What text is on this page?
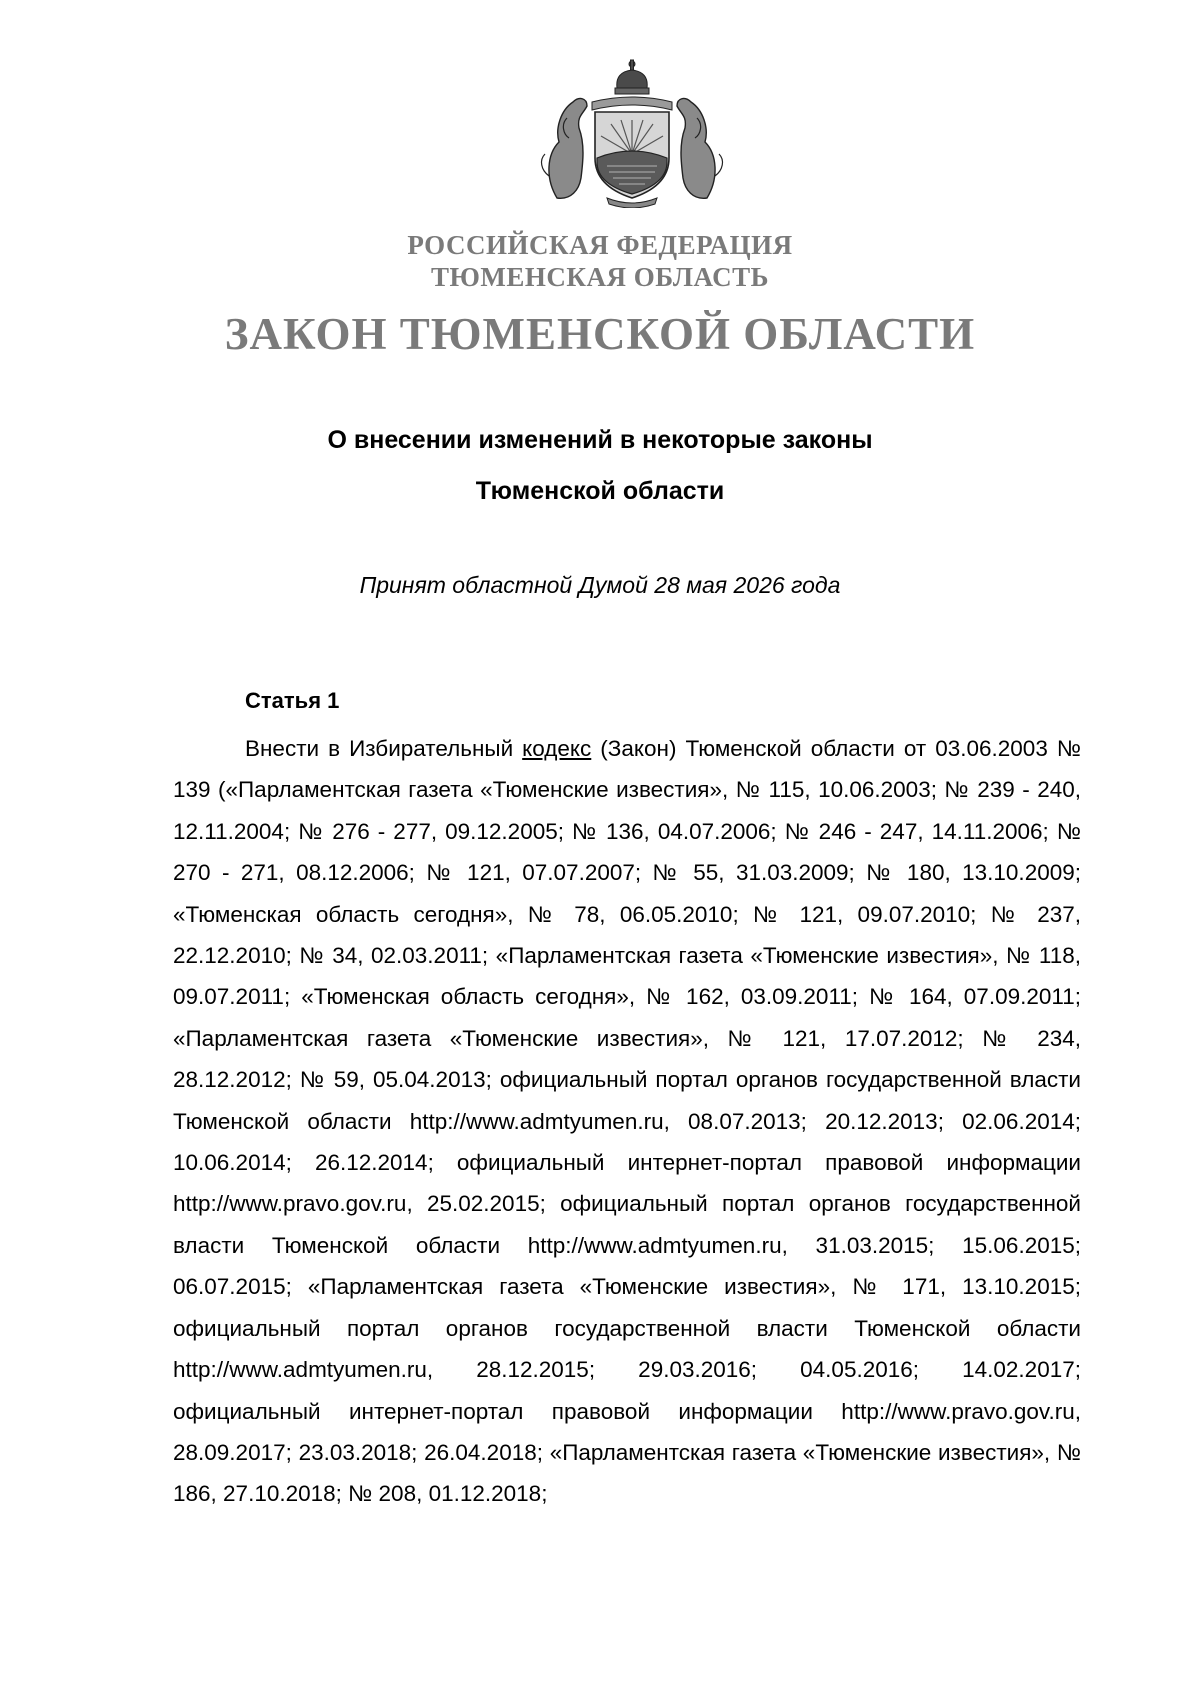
РОССИЙСКАЯ ФЕДЕРАЦИЯ
ТЮМЕНСКАЯ ОБЛАСТЬ
ЗАКОН ТЮМЕНСКОЙ ОБЛАСТИ
О внесении изменений в некоторые законы
Тюменской области
Принят областной Думой 28 мая 2026 года
Статья 1
Внести в Избирательный кодекс (Закон) Тюменской области от 03.06.2003 № 139 («Парламентская газета «Тюменские известия», № 115, 10.06.2003; № 239 - 240, 12.11.2004; № 276 - 277, 09.12.2005; № 136, 04.07.2006; № 246 - 247, 14.11.2006; № 270 - 271, 08.12.2006; № 121, 07.07.2007; № 55, 31.03.2009; № 180, 13.10.2009; «Тюменская область сегодня», № 78, 06.05.2010; № 121, 09.07.2010; № 237, 22.12.2010; № 34, 02.03.2011; «Парламентская газета «Тюменские известия», № 118, 09.07.2011; «Тюменская область сегодня», № 162, 03.09.2011; № 164, 07.09.2011; «Парламентская газета «Тюменские известия», № 121, 17.07.2012; № 234, 28.12.2012; № 59, 05.04.2013; официальный портал органов государственной власти Тюменской области http://www.admtyumen.ru, 08.07.2013; 20.12.2013; 02.06.2014; 10.06.2014; 26.12.2014; официальный интернет-портал правовой информации http://www.pravo.gov.ru, 25.02.2015; официальный портал органов государственной власти Тюменской области http://www.admtyumen.ru, 31.03.2015; 15.06.2015; 06.07.2015; «Парламентская газета «Тюменские известия», № 171, 13.10.2015; официальный портал органов государственной власти Тюменской области http://www.admtyumen.ru, 28.12.2015; 29.03.2016; 04.05.2016; 14.02.2017; официальный интернет-портал правовой информации http://www.pravo.gov.ru, 28.09.2017; 23.03.2018; 26.04.2018; «Парламентская газета «Тюменские известия», № 186, 27.10.2018; № 208, 01.12.2018;
